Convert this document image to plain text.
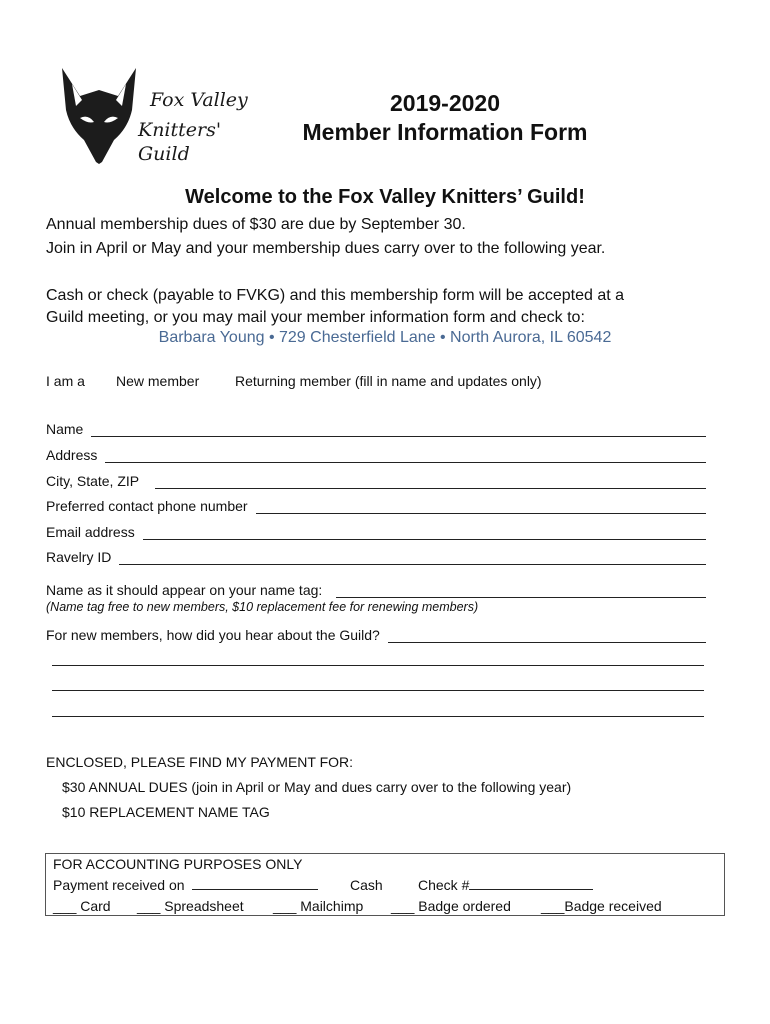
Fox Valley
Knitters' Guild
2019-2020
Member Information Form
Welcome to the Fox Valley Knitters’ Guild!
Annual membership dues of $30 are due by September 30.
Join in April or May and your membership dues carry over to the following year.
Cash or check (payable to FVKG) and this membership form will be accepted at a
Guild meeting, or you may mail your member information form and check to:
Barbara Young • 729 Chesterfield Lane • North Aurora, IL 60542
I am a New member	Returning member (fill in name and updates only)
Name
Address
City, State, ZIP
Preferred contact phone number
Email address
Ravelry ID
Name as it should appear on your name tag:
(Name tag free to new members, $10 replacement fee for renewing members)
For new members, how did you hear about the Guild?
ENCLOSED, PLEASE FIND MY PAYMENT FOR:
$30 ANNUAL DUES (join in April or May and dues carry over to the following year)
$10 REPLACEMENT NAME TAG
FOR ACCOUNTING PURPOSES ONLY
Payment received on	Cash	Check #
___ Card ___ Spreadsheet ___ Mailchimp ___ Badge ordered ___Badge received
